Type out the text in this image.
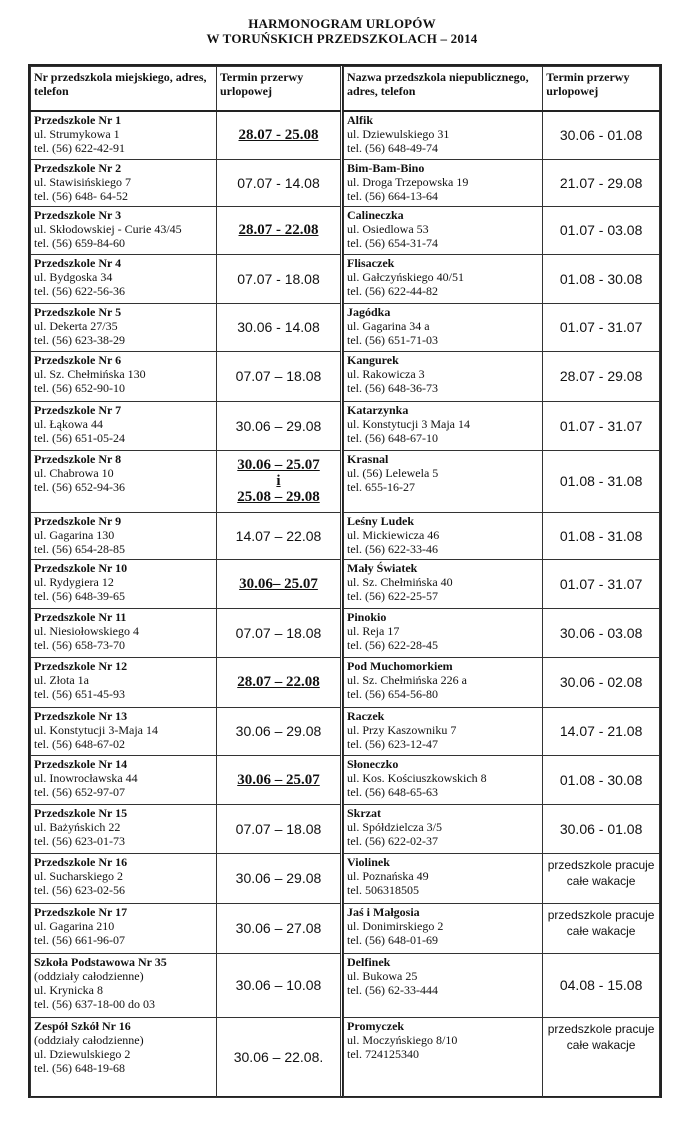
HARMONOGRAM URLOPÓW
W TORUŃSKICH PRZEDSZKOLACH – 2014
Nr przedszkola miejskiego, adres, telefon	Termin przerwy urlopowej

Przedszkole Nr 1
ul. Strumykowa 1
tel. (56) 622-42-91	28.07 - 25.08

Przedszkole Nr 2
ul. Stawisińskiego 7
tel. (56) 648- 64-52	07.07 - 14.08

Przedszkole Nr 3
ul. Skłodowskiej - Curie 43/45
tel. (56) 659-84-60	28.07 - 22.08

Przedszkole Nr 4
ul. Bydgoska 34
tel. (56) 622-56-36	07.07 - 18.08

Przedszkole Nr 5
ul. Dekerta 27/35
tel. (56) 623-38-29	30.06 - 14.08

Przedszkole Nr 6
ul. Sz. Chełmińska 130
tel. (56) 652-90-10	07.07 – 18.08

Przedszkole Nr 7
ul. Łąkowa 44
tel. (56) 651-05-24	30.06 – 29.08

Przedszkole Nr 8
ul. Chabrowa 10
tel. (56) 652-94-36	30.06 – 25.07
i
25.08 – 29.08

Przedszkole Nr 9
ul. Gagarina 130
tel. (56) 654-28-85	14.07 – 22.08

Przedszkole Nr 10
ul. Rydygiera 12
tel. (56) 648-39-65	30.06– 25.07

Przedszkole Nr 11
ul. Niesiołowskiego 4
tel. (56) 658-73-70	07.07 – 18.08

Przedszkole Nr 12
ul. Złota 1a
tel. (56) 651-45-93	28.07 – 22.08

Przedszkole Nr 13
ul. Konstytucji 3-Maja 14
tel. (56) 648-67-02	30.06 – 29.08

Przedszkole Nr 14
ul. Inowrocławska 44
tel. (56) 652-97-07	30.06 – 25.07

Przedszkole Nr 15
ul. Bażyńskich 22
tel. (56) 623-01-73	07.07 – 18.08

Przedszkole Nr 16
ul. Sucharskiego 2
tel. (56) 623-02-56	30.06 – 29.08

Przedszkole Nr 17
ul. Gagarina 210
tel. (56) 661-96-07	30.06 – 27.08

Szkoła Podstawowa Nr 35
(oddziały całodzienne)
ul. Krynicka 8
tel. (56) 637-18-00 do 03	30.06 – 10.08

Zespół Szkół Nr 16
(oddziały całodzienne)
ul. Dziewulskiego 2
tel. (56) 648-19-68	30.06 – 22.08.
Nazwa przedszkola niepublicznego, adres, telefon	Termin przerwy urlopowej

Alfik
ul. Dziewulskiego 31
tel. (56) 648-49-74	30.06 - 01.08

Bim-Bam-Bino
ul. Droga Trzepowska 19
tel. (56) 664-13-64	21.07 - 29.08

Calineczka
ul. Osiedlowa 53
tel. (56) 654-31-74	01.07 - 03.08

Flisaczek
ul. Gałczyńskiego 40/51
tel. (56) 622-44-82	01.08 - 30.08

Jagódka
ul. Gagarina 34 a
tel. (56) 651-71-03	01.07 - 31.07

Kangurek
ul. Rakowicza 3
tel. (56) 648-36-73	28.07 - 29.08

Katarzynka
ul. Konstytucji 3 Maja 14
tel. (56) 648-67-10	01.07 - 31.07

Krasnal
ul. (56) Lelewela 5
tel. 655-16-27	01.08 - 31.08

Leśny Ludek
ul. Mickiewicza 46
tel. (56) 622-33-46	01.08 - 31.08

Mały Światek
ul. Sz. Chełmińska 40
tel. (56) 622-25-57	01.07 - 31.07

Pinokio
ul. Reja 17
tel. (56) 622-28-45	30.06 - 03.08

Pod Muchomorkiem
ul. Sz. Chełmińska 226 a
tel. (56) 654-56-80	30.06 - 02.08

Raczek
ul. Przy Kaszowniku 7
tel. (56) 623-12-47	14.07 - 21.08

Słoneczko
ul. Kos. Kościuszkowskich 8
tel. (56) 648-65-63	01.08 - 30.08

Skrzat
ul. Spółdzielcza 3/5
tel. (56) 622-02-37	30.06 - 01.08

Violinek
ul. Poznańska 49
tel. 506318505	przedszkole pracuje
całe wakacje

Jaś i Małgosia
ul. Donimirskiego 2
tel. (56) 648-01-69	przedszkole pracuje
całe wakacje

Delfinek
ul. Bukowa 25
tel. (56) 62-33-444	04.08 - 15.08

Promyczek
ul. Moczyńskiego 8/10
tel. 724125340	przedszkole pracuje
całe wakacje
